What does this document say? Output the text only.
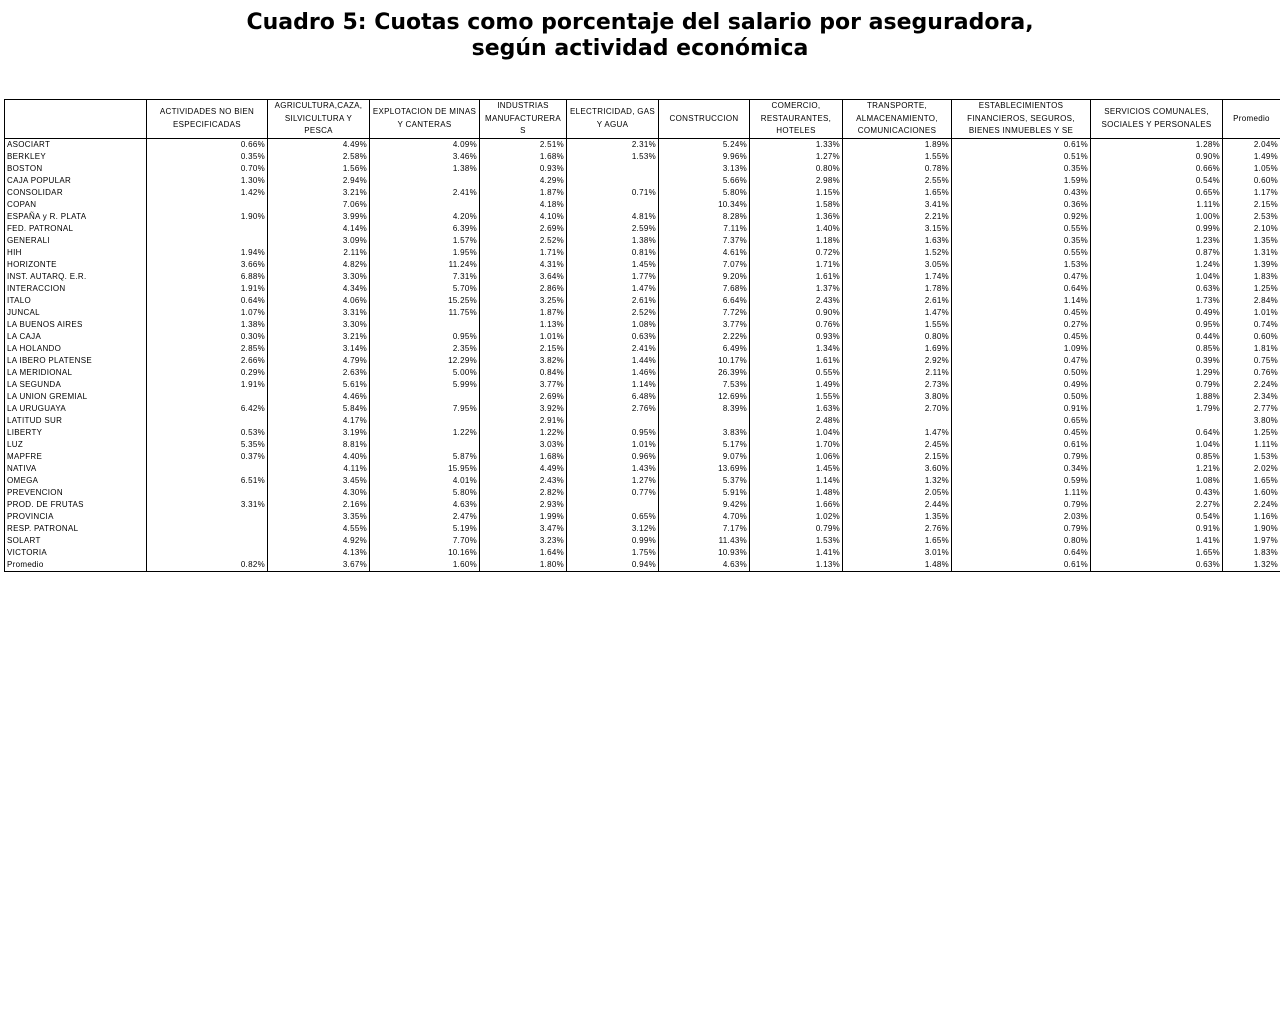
Cuadro 5: Cuotas como porcentaje del salario por aseguradora,
según actividad económica
	ACTIVIDADES NO BIEN ESPECIFICADAS	AGRICULTURA,CAZA, SILVICULTURA Y PESCA	EXPLOTACION DE MINAS Y CANTERAS	INDUSTRIAS MANUFACTURERA S	ELECTRICIDAD, GAS Y AGUA	CONSTRUCCION	COMERCIO, RESTAURANTES, HOTELES	TRANSPORTE, ALMACENAMIENTO, COMUNICACIONES	ESTABLECIMIENTOS FINANCIEROS, SEGUROS, BIENES INMUEBLES Y SE	SERVICIOS COMUNALES, SOCIALES Y PERSONALES	Promedio
ASOCIART	0.66%	4.49%	4.09%	2.51%	2.31%	5.24%	1.33%	1.89%	0.61%	1.28%	2.04%
BERKLEY	0.35%	2.58%	3.46%	1.68%	1.53%	9.96%	1.27%	1.55%	0.51%	0.90%	1.49%
BOSTON	0.70%	1.56%	1.38%	0.93%		3.13%	0.80%	0.78%	0.35%	0.66%	1.05%
CAJA POPULAR	1.30%	2.94%		4.29%		5.66%	2.98%	2.55%	1.59%	0.54%	0.60%
CONSOLIDAR	1.42%	3.21%	2.41%	1.87%	0.71%	5.80%	1.15%	1.65%	0.43%	0.65%	1.17%
COPAN		7.06%		4.18%		10.34%	1.58%	3.41%	0.36%	1.11%	2.15%
ESPAÑA y R. PLATA	1.90%	3.99%	4.20%	4.10%	4.81%	8.28%	1.36%	2.21%	0.92%	1.00%	2.53%
FED. PATRONAL		4.14%	6.39%	2.69%	2.59%	7.11%	1.40%	3.15%	0.55%	0.99%	2.10%
GENERALI		3.09%	1.57%	2.52%	1.38%	7.37%	1.18%	1.63%	0.35%	1.23%	1.35%
HIH	1.94%	2.11%	1.95%	1.71%	0.81%	4.61%	0.72%	1.52%	0.55%	0.87%	1.31%
HORIZONTE	3.66%	4.82%	11.24%	4.31%	1.45%	7.07%	1.71%	3.05%	1.53%	1.24%	1.39%
INST. AUTARQ. E.R.	6.88%	3.30%	7.31%	3.64%	1.77%	9.20%	1.61%	1.74%	0.47%	1.04%	1.83%
INTERACCION	1.91%	4.34%	5.70%	2.86%	1.47%	7.68%	1.37%	1.78%	0.64%	0.63%	1.25%
ITALO	0.64%	4.06%	15.25%	3.25%	2.61%	6.64%	2.43%	2.61%	1.14%	1.73%	2.84%
JUNCAL	1.07%	3.31%	11.75%	1.87%	2.52%	7.72%	0.90%	1.47%	0.45%	0.49%	1.01%
LA BUENOS AIRES	1.38%	3.30%		1.13%	1.08%	3.77%	0.76%	1.55%	0.27%	0.95%	0.74%
LA CAJA	0.30%	3.21%	0.95%	1.01%	0.63%	2.22%	0.93%	0.80%	0.45%	0.44%	0.60%
LA HOLANDO	2.85%	3.14%	2.35%	2.15%	2.41%	6.49%	1.34%	1.69%	1.09%	0.85%	1.81%
LA IBERO PLATENSE	2.66%	4.79%	12.29%	3.82%	1.44%	10.17%	1.61%	2.92%	0.47%	0.39%	0.75%
LA MERIDIONAL	0.29%	2.63%	5.00%	0.84%	1.46%	26.39%	0.55%	2.11%	0.50%	1.29%	0.76%
LA SEGUNDA	1.91%	5.61%	5.99%	3.77%	1.14%	7.53%	1.49%	2.73%	0.49%	0.79%	2.24%
LA UNION GREMIAL		4.46%		2.69%	6.48%	12.69%	1.55%	3.80%	0.50%	1.88%	2.34%
LA URUGUAYA	6.42%	5.84%	7.95%	3.92%	2.76%	8.39%	1.63%	2.70%	0.91%	1.79%	2.77%
LATITUD SUR		4.17%		2.91%			2.48%		0.65%		3.80%
LIBERTY	0.53%	3.19%	1.22%	1.22%	0.95%	3.83%	1.04%	1.47%	0.45%	0.64%	1.25%
LUZ	5.35%	8.81%		3.03%	1.01%	5.17%	1.70%	2.45%	0.61%	1.04%	1.11%
MAPFRE	0.37%	4.40%	5.87%	1.68%	0.96%	9.07%	1.06%	2.15%	0.79%	0.85%	1.53%
NATIVA		4.11%	15.95%	4.49%	1.43%	13.69%	1.45%	3.60%	0.34%	1.21%	2.02%
OMEGA	6.51%	3.45%	4.01%	2.43%	1.27%	5.37%	1.14%	1.32%	0.59%	1.08%	1.65%
PREVENCION		4.30%	5.80%	2.82%	0.77%	5.91%	1.48%	2.05%	1.11%	0.43%	1.60%
PROD. DE FRUTAS	3.31%	2.16%	4.63%	2.93%		9.42%	1.66%	2.44%	0.79%	2.27%	2.24%
PROVINCIA		3.35%	2.47%	1.99%	0.65%	4.70%	1.02%	1.35%	2.03%	0.54%	1.16%
RESP. PATRONAL		4.55%	5.19%	3.47%	3.12%	7.17%	0.79%	2.76%	0.79%	0.91%	1.90%
SOLART		4.92%	7.70%	3.23%	0.99%	11.43%	1.53%	1.65%	0.80%	1.41%	1.97%
VICTORIA		4.13%	10.16%	1.64%	1.75%	10.93%	1.41%	3.01%	0.64%	1.65%	1.83%
Promedio	0.82%	3.67%	1.60%	1.80%	0.94%	4.63%	1.13%	1.48%	0.61%	0.63%	1.32%
